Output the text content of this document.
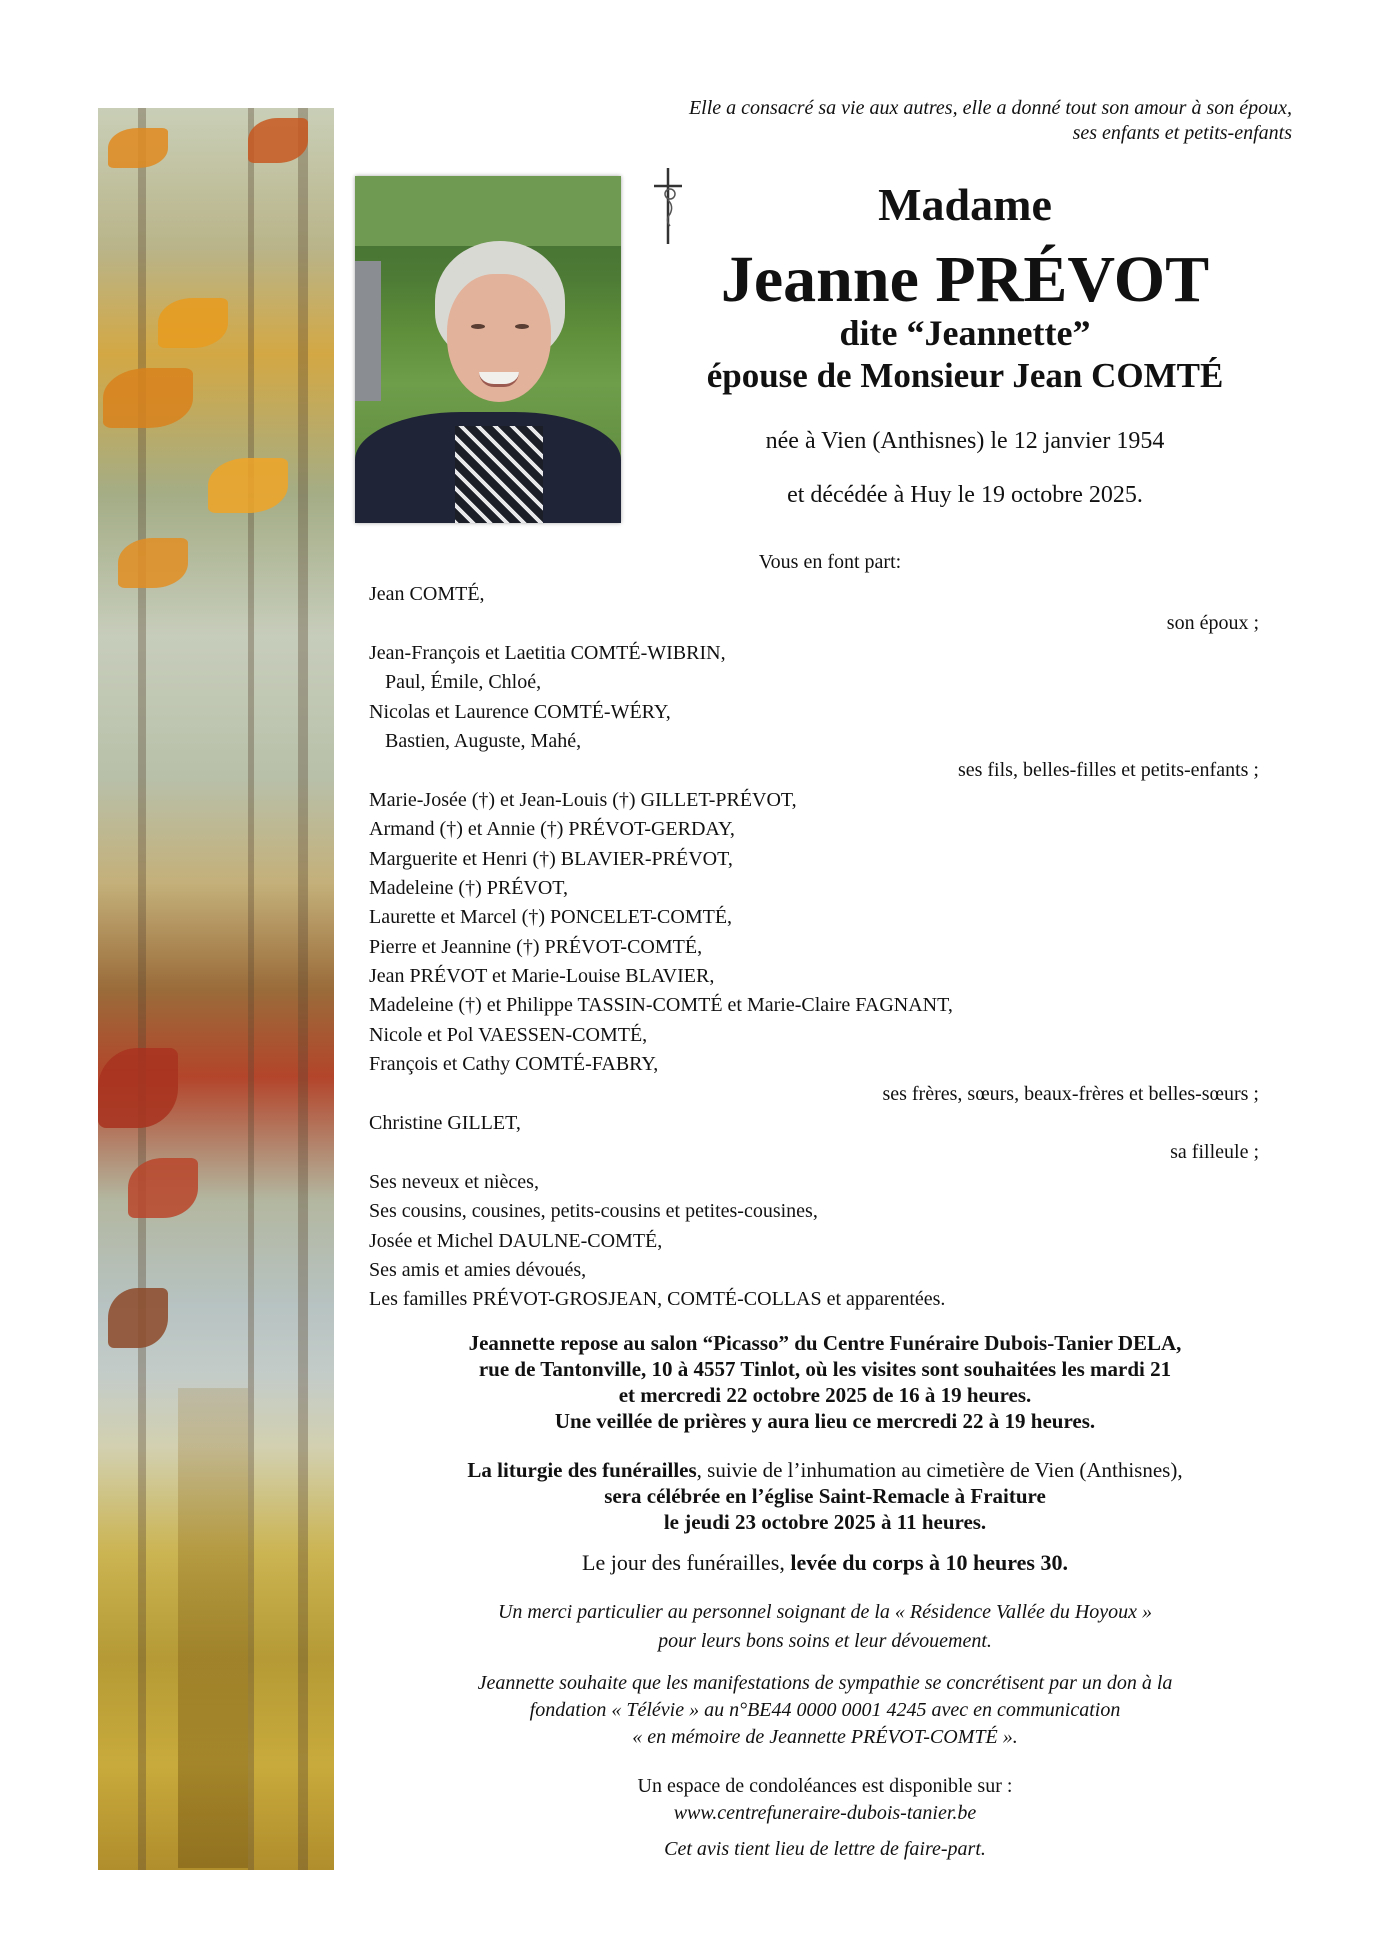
Elle a consacré sa vie aux autres, elle a donné tout son amour à son époux,
ses enfants et petits-enfants
Madame
Jeanne PRÉVOT
dite “Jeannette”
épouse de Monsieur Jean COMTÉ
née à Vien (Anthisnes) le 12 janvier 1954
et décédée à Huy le 19 octobre 2025.
Vous en font part:
Jean COMTÉ,
son époux ;
Jean-François et Laetitia COMTÉ-WIBRIN,
Paul, Émile, Chloé,
Nicolas et Laurence COMTÉ-WÉRY,
Bastien, Auguste, Mahé,
ses fils, belles-filles et petits-enfants ;
Marie-Josée (†) et Jean-Louis (†) GILLET-PRÉVOT,
Armand (†) et Annie (†) PRÉVOT-GERDAY,
Marguerite et Henri (†) BLAVIER-PRÉVOT,
Madeleine (†) PRÉVOT,
Laurette et Marcel (†) PONCELET-COMTÉ,
Pierre et Jeannine (†) PRÉVOT-COMTÉ,
Jean PRÉVOT et Marie-Louise BLAVIER,
Madeleine (†) et Philippe TASSIN-COMTÉ et Marie-Claire FAGNANT,
Nicole et Pol VAESSEN-COMTÉ,
François et Cathy COMTÉ-FABRY,
ses frères, sœurs, beaux-frères et belles-sœurs ;
Christine GILLET,
sa filleule ;
Ses neveux et nièces,
Ses cousins, cousines, petits-cousins et petites-cousines,
Josée et Michel DAULNE-COMTÉ,
Ses amis et amies dévoués,
Les familles PRÉVOT-GROSJEAN, COMTÉ-COLLAS et apparentées.
Jeannette repose au salon “Picasso” du Centre Funéraire Dubois-Tanier DELA,
rue de Tantonville, 10 à 4557 Tinlot, où les visites sont souhaitées les mardi 21
et mercredi 22 octobre 2025 de 16 à 19 heures.
Une veillée de prières y aura lieu ce mercredi 22 à 19 heures.
La liturgie des funérailles, suivie de l’inhumation au cimetière de Vien (Anthisnes),
sera célébrée en l’église Saint-Remacle à Fraiture
le jeudi 23 octobre 2025 à 11 heures.
Le jour des funérailles, levée du corps à 10 heures 30.
Un merci particulier au personnel soignant de la « Résidence Vallée du Hoyoux »
pour leurs bons soins et leur dévouement.
Jeannette souhaite que les manifestations de sympathie se concrétisent par un don à la
fondation « Télévie » au n°BE44 0000 0001 4245 avec en communication
« en mémoire de Jeannette PRÉVOT-COMTÉ ».
Un espace de condoléances est disponible sur :
www.centrefuneraire-dubois-tanier.be
Cet avis tient lieu de lettre de faire-part.
